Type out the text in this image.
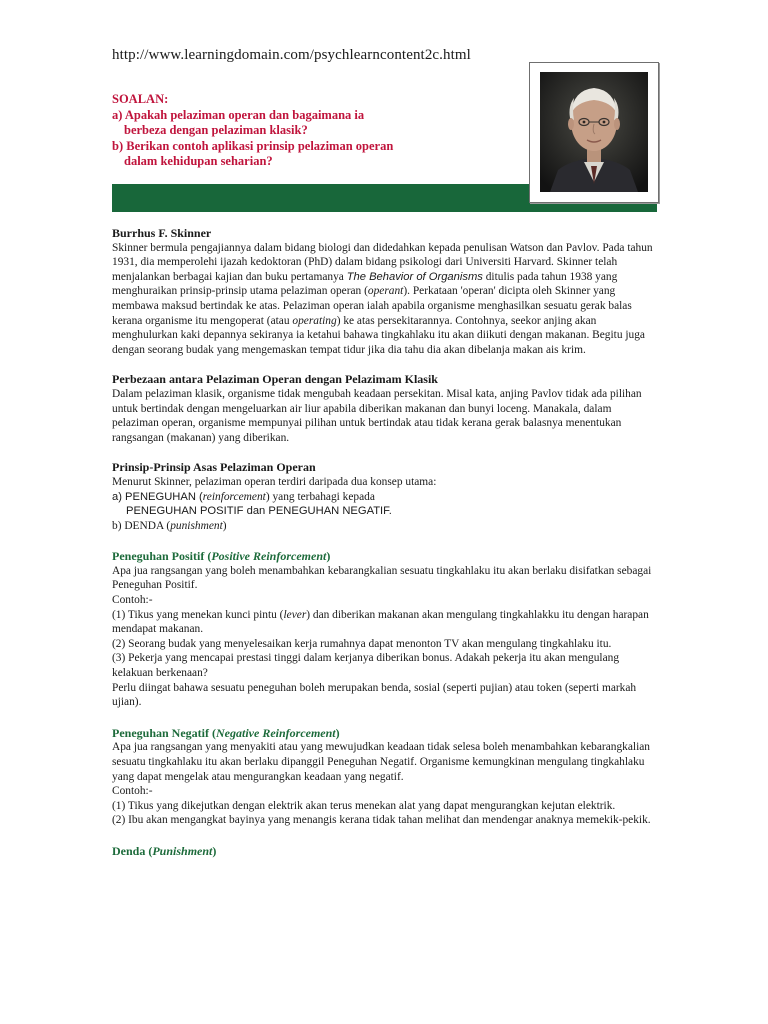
http://www.learningdomain.com/psychlearncontent2c.html

SOALAN:

a) Apakah pelaziman operan dan bagaimana ia

berbeza dengan pelaziman klasik?

b) Berikan contoh aplikasi prinsip pelaziman operan

dalam kehidupan seharian?

Burrhus F. Skinner

Skinner bermula pengajiannya dalam bidang biologi dan didedahkan kepada penulisan Watson dan Pavlov. Pada tahun 1931, dia memperolehi ijazah kedoktoran (PhD) dalam bidang psikologi dari Universiti Harvard. Skinner telah menjalankan berbagai kajian dan buku pertamanya The Behavior of Organisms ditulis pada tahun 1938 yang menghuraikan prinsip-prinsip utama pelaziman operan (operant). Perkataan 'operan' dicipta oleh Skinner yang membawa maksud bertindak ke atas. Pelaziman operan ialah apabila organisme menghasilkan sesuatu gerak balas kerana organisme itu mengoperat (atau operating) ke atas persekitarannya. Contohnya, seekor anjing akan menghulurkan kaki depannya sekiranya ia ketahui bahawa tingkahlaku itu akan diikuti dengan makanan. Begitu juga dengan seorang budak yang mengemaskan tempat tidur jika dia tahu dia akan dibelanja makan ais krim.

Perbezaan antara Pelaziman Operan dengan Pelazimam Klasik

Dalam pelaziman klasik, organisme tidak mengubah keadaan persekitan. Misal kata, anjing Pavlov tidak ada pilihan untuk bertindak dengan mengeluarkan air liur apabila diberikan makanan dan bunyi loceng. Manakala, dalam pelaziman operan, organisme mempunyai pilihan untuk bertindak atau tidak kerana gerak balasnya menentukan rangsangan (makanan) yang diberikan.

Prinsip-Prinsip Asas Pelaziman Operan

Menurut Skinner, pelaziman operan terdiri daripada dua konsep utama:

a) PENEGUHAN (reinforcement) yang terbahagi kepada

PENEGUHAN POSITIF dan PENEGUHAN NEGATIF.

b) DENDA (punishment)

Peneguhan Positif (Positive Reinforcement)

Apa jua rangsangan yang boleh menambahkan kebarangkalian sesuatu tingkahlaku itu akan berlaku disifatkan sebagai Peneguhan Positif.

Contoh:-

(1) Tikus yang menekan kunci pintu (lever) dan diberikan makanan akan mengulang tingkahlakku itu dengan harapan mendapat makanan.

(2) Seorang budak yang menyelesaikan kerja rumahnya dapat menonton TV akan mengulang tingkahlaku itu.

(3) Pekerja yang mencapai prestasi tinggi dalam kerjanya diberikan bonus. Adakah pekerja itu akan mengulang kelakuan berkenaan?

Perlu diingat bahawa sesuatu peneguhan boleh merupakan benda, sosial (seperti pujian) atau token (seperti markah ujian).

Peneguhan Negatif (Negative Reinforcement)

Apa jua rangsangan yang menyakiti atau yang mewujudkan keadaan tidak selesa boleh menambahkan kebarangkalian sesuatu tingkahlaku itu akan berlaku dipanggil Peneguhan Negatif. Organisme kemungkinan mengulang tingkahlaku yang dapat mengelak atau mengurangkan keadaan yang negatif.

Contoh:-

(1) Tikus yang dikejutkan dengan elektrik akan terus menekan alat yang dapat mengurangkan kejutan elektrik.

(2) Ibu akan mengangkat bayinya yang menangis kerana tidak tahan melihat dan mendengar anaknya memekik-pekik.

Denda (Punishment)
